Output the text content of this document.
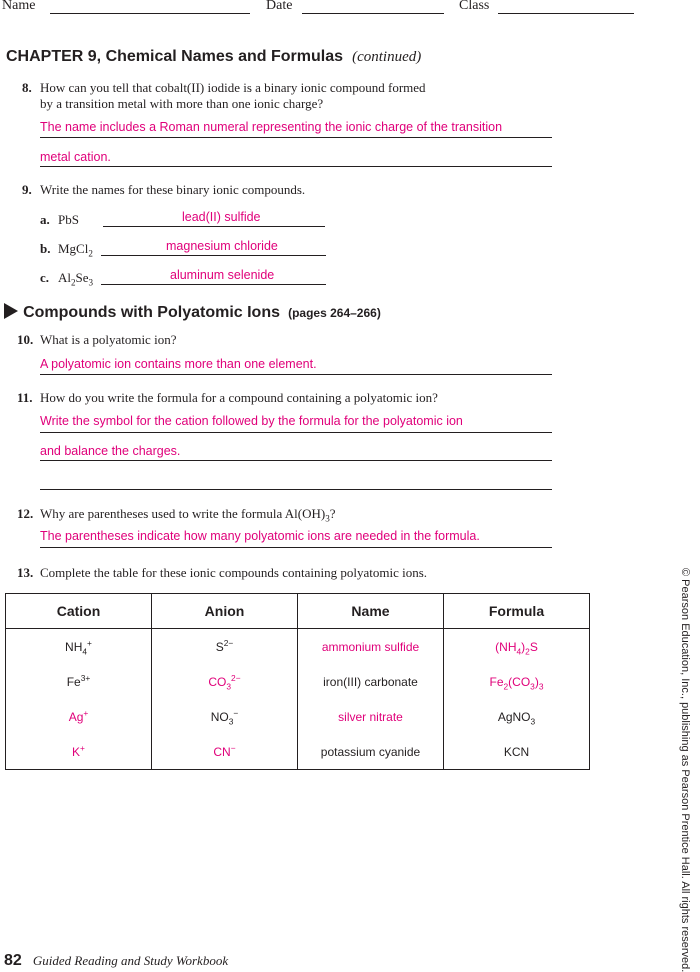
Name	Date	Class
CHAPTER 9, Chemical Names and Formulas (continued)
8. How can you tell that cobalt(II) iodide is a binary ionic compound formed
by a transition metal with more than one ionic charge?
The name includes a Roman numeral representing the ionic charge of the transition
metal cation.
9. Write the names for these binary ionic compounds.
a. PbS	lead(II) sulfide
b. MgCl$_2$
magnesium chloride
c. $Al_2Se_3$
aluminum selenide
Compounds with Polyatomic Ions (pages 264–266)
10. What is a polyatomic ion?
A polyatomic ion contains more than one element.
11. How do you write the formula for a compound containing a polyatomic ion?
Write the symbol for the cation followed by the formula for the polyatomic ion
and balance the charges.
12. Why are parentheses used to write the formula $Al(OH)_3$?
The parentheses indicate how many polyatomic ions are needed in the formula.
13. Complete the table for these ionic compounds containing polyatomic ions.
Cation	Anion	Name	Formula
$NH_4^+$	$S^{2-}$	ammonium sulfide	$(NH_4)_2S$
$Fe^{3+}$	$CO_3^{2-}$	iron(III) carbonate	$Fe_2(CO_3)_3$
Ag+	$NO_3^-$	silver nitrate	AgNO$_3$
K+	CN−	potassium cyanide	KCN	© Pearson Education, Inc., publishing as Pearson Prentice Hall. All rights reserved.
82 Guided Reading and Study Workbook
